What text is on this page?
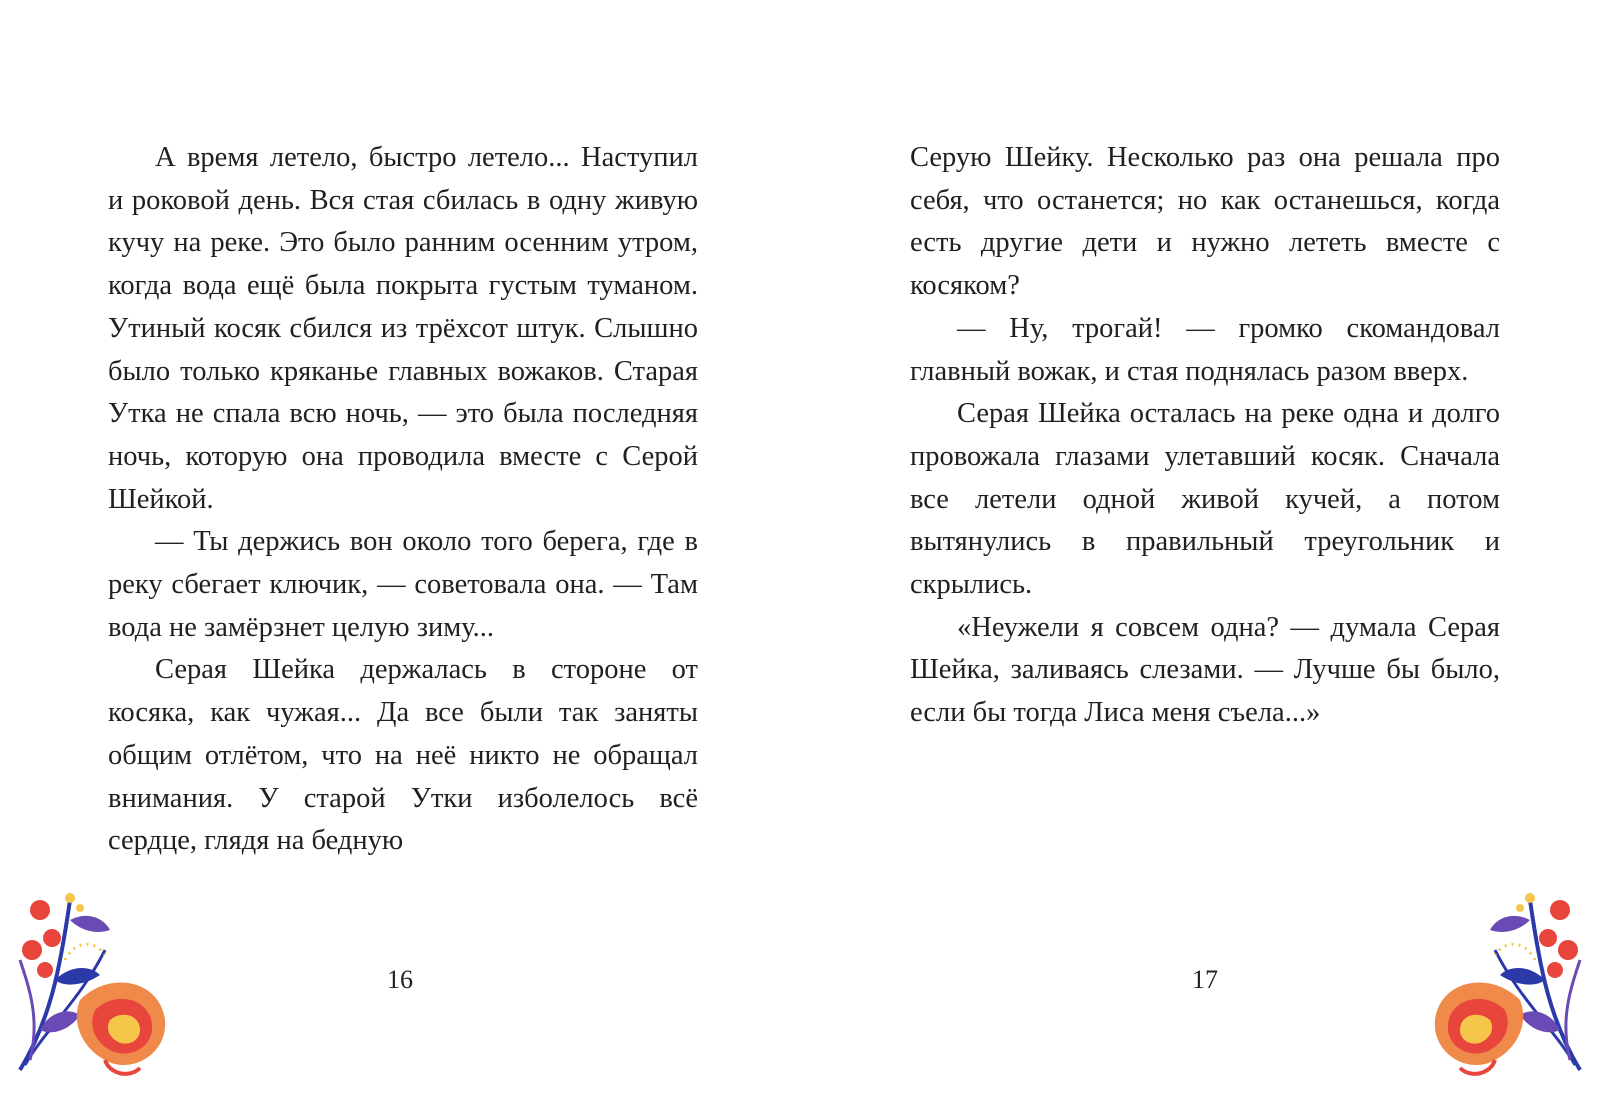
А время летело, быстро летело... Наступил и роковой день. Вся стая сбилась в одну живую кучу на реке. Это было ранним осенним утром, когда вода ещё была покрыта густым туманом. Утиный косяк сбился из трёхсот штук. Слышно было только кряканье главных вожаков. Старая Утка не спала всю ночь, — это была последняя ночь, которую она проводила вместе с Серой Шейкой.

— Ты держись вон около того берега, где в реку сбегает ключик, — советовала она. — Там вода не замёрзнет целую зиму...

Серая Шейка держалась в стороне от косяка, как чужая... Да все были так заняты общим отлётом, что на неё никто не обращал внимания. У старой Утки изболелось всё сердце, глядя на бедную

16

Серую Шейку. Несколько раз она решала про себя, что останется; но как останешься, когда есть другие дети и нужно лететь вместе с косяком?

— Ну, трогай! — громко скомандовал главный вожак, и стая поднялась разом вверх.

Серая Шейка осталась на реке одна и долго провожала глазами улетавший косяк. Сначала все летели одной живой кучей, а потом вытянулись в правильный треугольник и скрылись.

«Неужели я совсем одна? — думала Серая Шейка, заливаясь слезами. — Лучше бы было, если бы тогда Лиса меня съела...»

17
